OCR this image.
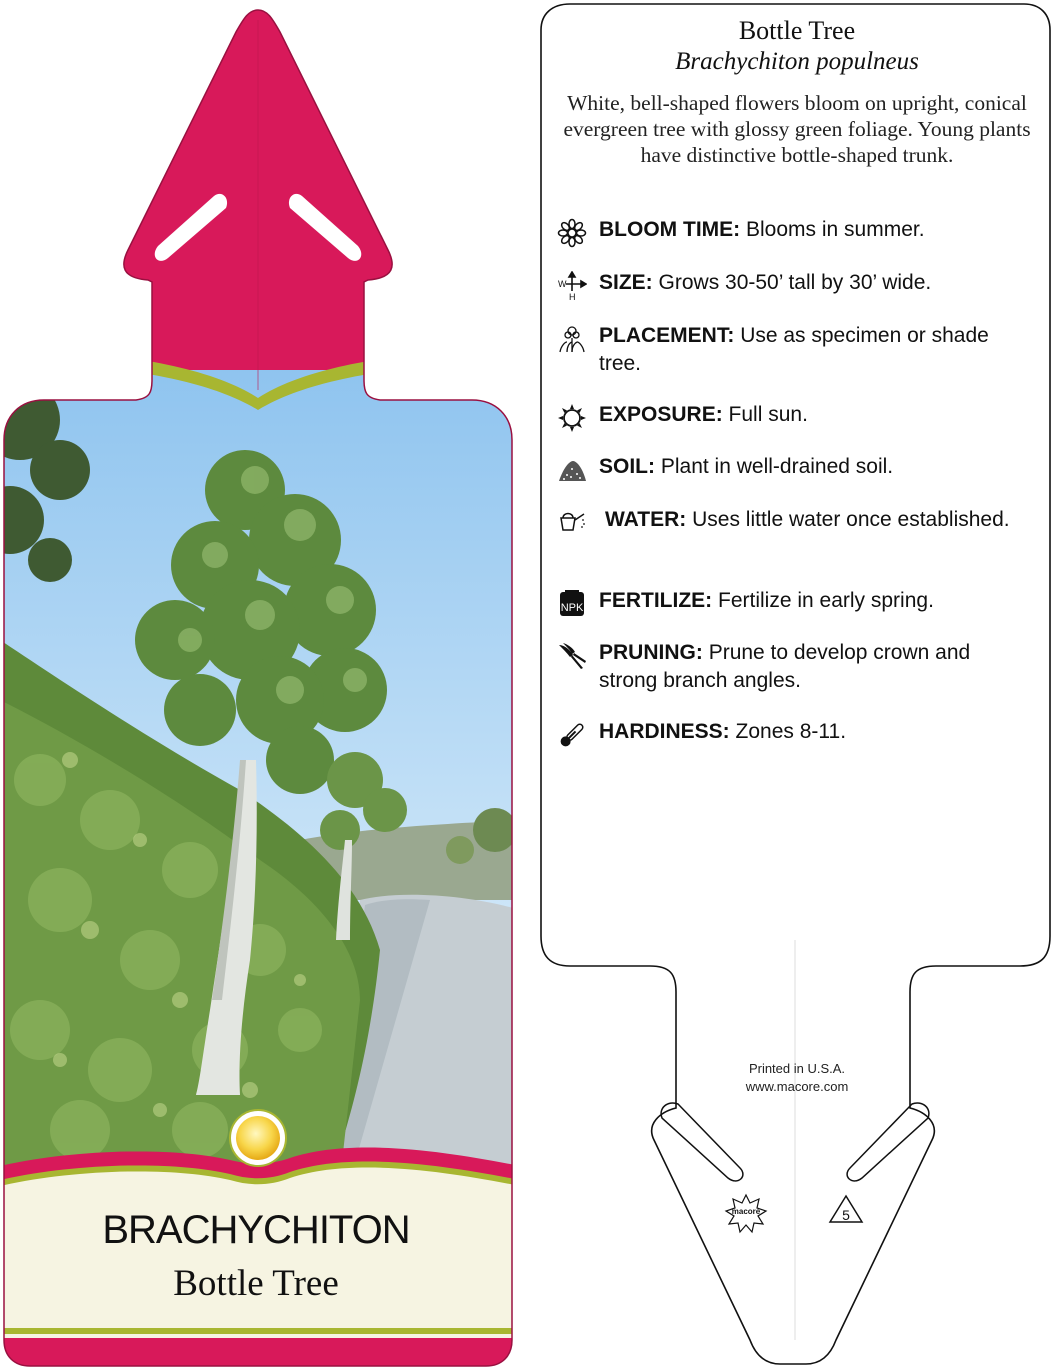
macore	5
BRACHYCHITON
Bottle Tree
Bottle Tree
Brachychiton populneus
White, bell-shaped flowers bloom on upright, conical evergreen tree with glossy green foliage. Young plants have distinctive bottle-shaped trunk.
BLOOM TIME: Blooms in summer.
W
H
SIZE: Grows 30-50’ tall by 30’ wide.
PLACEMENT: Use as specimen or shade tree.
EXPOSURE: Full sun.
SOIL: Plant in well-drained soil.
WATER: Uses little water once established.
NPK FERTILIZE: Fertilize in early spring.
PRUNING: Prune to develop crown and strong branch angles.
HARDINESS: Zones 8-11.
Printed in U.S.A.
www.macore.com
